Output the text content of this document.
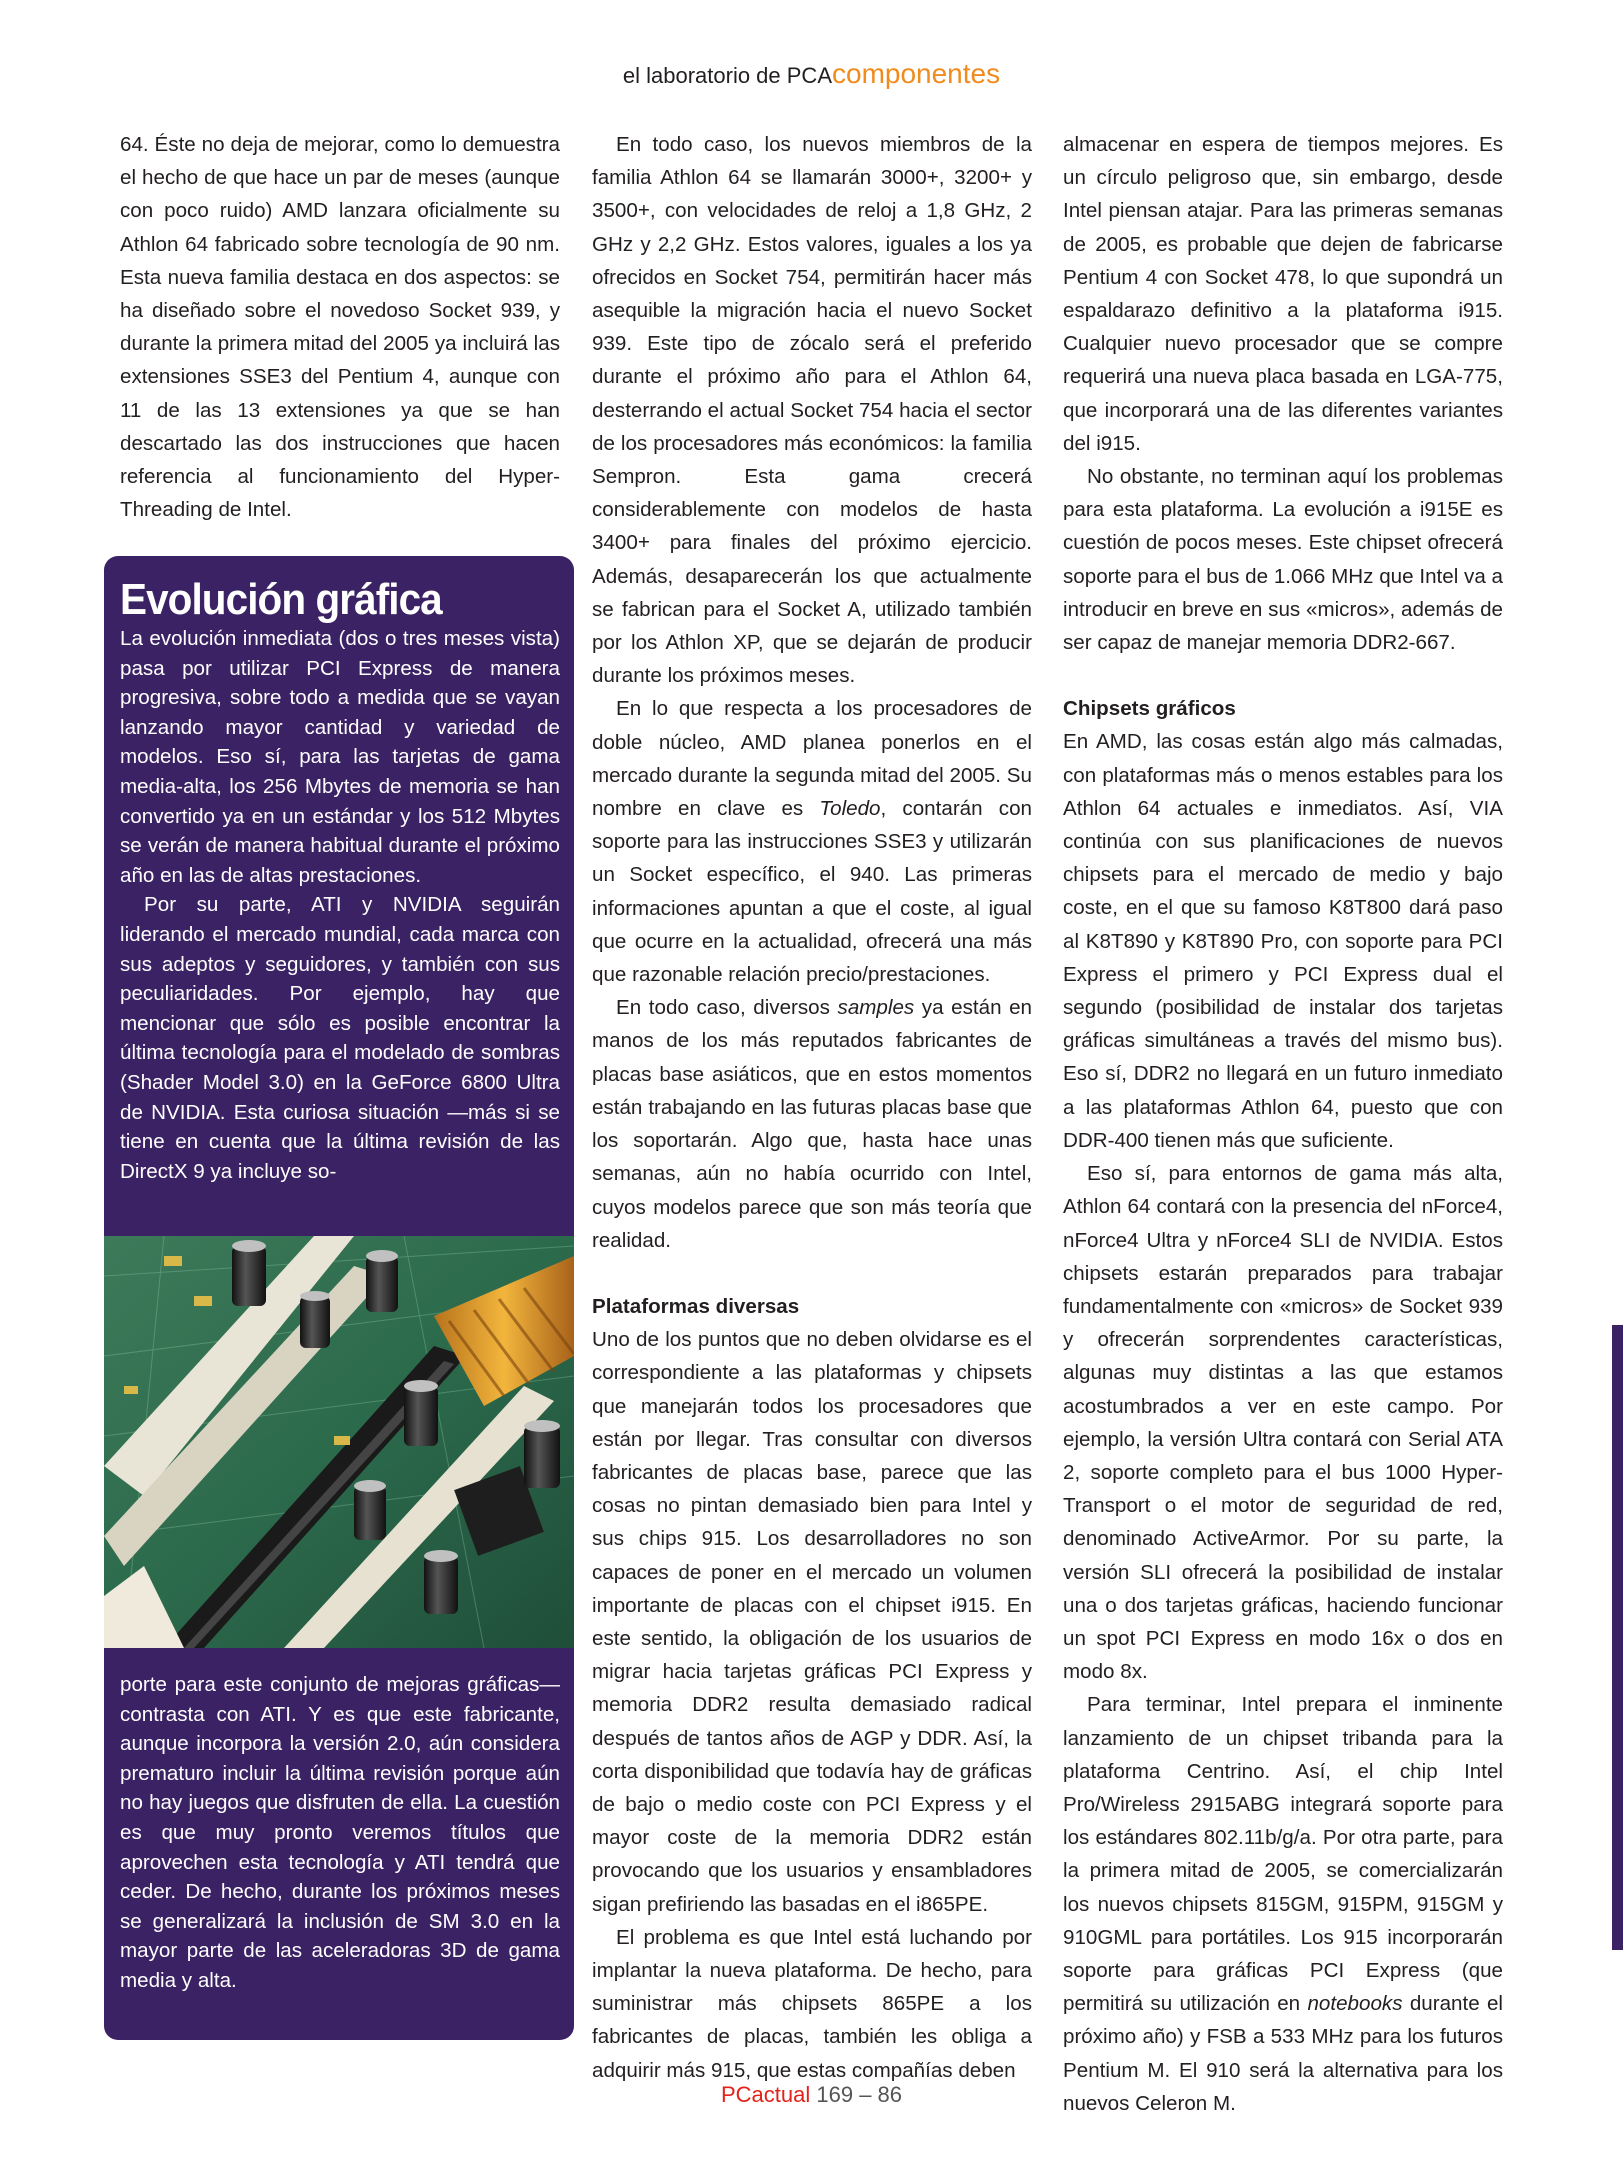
el laboratorio de PCAcomponentes

64. Éste no deja de mejorar, como lo demuestra el hecho de que hace un par de meses (aunque con poco ruido) AMD lanzara oficialmente su Athlon 64 fabricado sobre tecnología de 90 nm. Esta nueva familia destaca en dos aspectos: se ha diseñado sobre el novedoso Socket 939, y durante la primera mitad del 2005 ya incluirá las extensiones SSE3 del Pentium 4, aunque con 11 de las 13 extensiones ya que se han descartado las dos instrucciones que hacen referencia al funcionamiento del Hyper-Threading de Intel.

Evolución gráfica

La evolución inmediata (dos o tres meses vista) pasa por utilizar PCI Express de manera progresiva, sobre todo a medida que se vayan lanzando mayor cantidad y variedad de modelos. Eso sí, para las tarjetas de gama media-alta, los 256 Mbytes de memoria se han convertido ya en un estándar y los 512 Mbytes se verán de manera habitual durante el próximo año en las de altas prestaciones.

Por su parte, ATI y NVIDIA seguirán liderando el mercado mundial, cada marca con sus adeptos y seguidores, y también con sus peculiaridades. Por ejemplo, hay que mencionar que sólo es posible encontrar la última tecnología para el modelado de sombras (Shader Model 3.0) en la GeForce 6800 Ultra de NVIDIA. Esta curiosa situación —más si se tiene en cuenta que la última revisión de las DirectX 9 ya incluye so-

porte para este conjunto de mejoras gráficas— contrasta con ATI. Y es que este fabricante, aunque incorpora la versión 2.0, aún considera prematuro incluir la última revisión porque aún no hay juegos que disfruten de ella. La cuestión es que muy pronto veremos títulos que aprovechen esta tecnología y ATI tendrá que ceder. De hecho, durante los próximos meses se generalizará la inclusión de SM 3.0 en la mayor parte de las aceleradoras 3D de gama media y alta.

En todo caso, los nuevos miembros de la familia Athlon 64 se llamarán 3000+, 3200+ y 3500+, con velocidades de reloj a 1,8 GHz, 2 GHz y 2,2 GHz. Estos valores, iguales a los ya ofrecidos en Socket 754, permitirán hacer más asequible la migración hacia el nuevo Socket 939. Este tipo de zócalo será el preferido durante el próximo año para el Athlon 64, desterrando el actual Socket 754 hacia el sector de los procesadores más económicos: la familia Sempron. Esta gama crecerá considerablemente con modelos de hasta 3400+ para finales del próximo ejercicio. Además, desaparecerán los que actualmente se fabrican para el Socket A, utilizado también por los Athlon XP, que se dejarán de producir durante los próximos meses.

En lo que respecta a los procesadores de doble núcleo, AMD planea ponerlos en el mercado durante la segunda mitad del 2005. Su nombre en clave es Toledo, contarán con soporte para las instrucciones SSE3 y utilizarán un Socket específico, el 940. Las primeras informaciones apuntan a que el coste, al igual que ocurre en la actualidad, ofrecerá una más que razonable relación precio/prestaciones.

En todo caso, diversos samples ya están en manos de los más reputados fabricantes de placas base asiáticos, que en estos momentos están trabajando en las futuras placas base que los soportarán. Algo que, hasta hace unas semanas, aún no había ocurrido con Intel, cuyos modelos parece que son más teoría que realidad.

Plataformas diversas

Uno de los puntos que no deben olvidarse es el correspondiente a las plataformas y chipsets que manejarán todos los procesadores que están por llegar. Tras consultar con diversos fabricantes de placas base, parece que las cosas no pintan demasiado bien para Intel y sus chips 915. Los desarrolladores no son capaces de poner en el mercado un volumen importante de placas con el chipset i915. En este sentido, la obligación de los usuarios de migrar hacia tarjetas gráficas PCI Express y memoria DDR2 resulta demasiado radical después de tantos años de AGP y DDR. Así, la corta disponibilidad que todavía hay de gráficas de bajo o medio coste con PCI Express y el mayor coste de la memoria DDR2 están provocando que los usuarios y ensambladores sigan prefiriendo las basadas en el i865PE.

El problema es que Intel está luchando por implantar la nueva plataforma. De hecho, para suministrar más chipsets 865PE a los fabricantes de placas, también les obliga a adquirir más 915, que estas compañías deben

almacenar en espera de tiempos mejores. Es un círculo peligroso que, sin embargo, desde Intel piensan atajar. Para las primeras semanas de 2005, es probable que dejen de fabricarse Pentium 4 con Socket 478, lo que supondrá un espaldarazo definitivo a la plataforma i915. Cualquier nuevo procesador que se compre requerirá una nueva placa basada en LGA-775, que incorporará una de las diferentes variantes del i915.

No obstante, no terminan aquí los problemas para esta plataforma. La evolución a i915E es cuestión de pocos meses. Este chipset ofrecerá soporte para el bus de 1.066 MHz que Intel va a introducir en breve en sus «micros», además de ser capaz de manejar memoria DDR2-667.

Chipsets gráficos

En AMD, las cosas están algo más calmadas, con plataformas más o menos estables para los Athlon 64 actuales e inmediatos. Así, VIA continúa con sus planificaciones de nuevos chipsets para el mercado de medio y bajo coste, en el que su famoso K8T800 dará paso al K8T890 y K8T890 Pro, con soporte para PCI Express el primero y PCI Express dual el segundo (posibilidad de instalar dos tarjetas gráficas simultáneas a través del mismo bus). Eso sí, DDR2 no llegará en un futuro inmediato a las plataformas Athlon 64, puesto que con DDR-400 tienen más que suficiente.

Eso sí, para entornos de gama más alta, Athlon 64 contará con la presencia del nForce4, nForce4 Ultra y nForce4 SLI de NVIDIA. Estos chipsets estarán preparados para trabajar fundamentalmente con «micros» de Socket 939 y ofrecerán sorprendentes características, algunas muy distintas a las que estamos acostumbrados a ver en este campo. Por ejemplo, la versión Ultra contará con Serial ATA 2, soporte completo para el bus 1000 Hyper-Transport o el motor de seguridad de red, denominado ActiveArmor. Por su parte, la versión SLI ofrecerá la posibilidad de instalar una o dos tarjetas gráficas, haciendo funcionar un spot PCI Express en modo 16x o dos en modo 8x.

Para terminar, Intel prepara el inminente lanzamiento de un chipset tribanda para la plataforma Centrino. Así, el chip Intel Pro/Wireless 2915ABG integrará soporte para los estándares 802.11b/g/a. Por otra parte, para la primera mitad de 2005, se comercializarán los nuevos chipsets 815GM, 915PM, 915GM y 910GML para portátiles. Los 915 incorporarán soporte para gráficas PCI Express (que permitirá su utilización en notebooks durante el próximo año) y FSB a 533 MHz para los futuros Pentium M. El 910 será la alternativa para los nuevos Celeron M.

PCactual 169 – 86
